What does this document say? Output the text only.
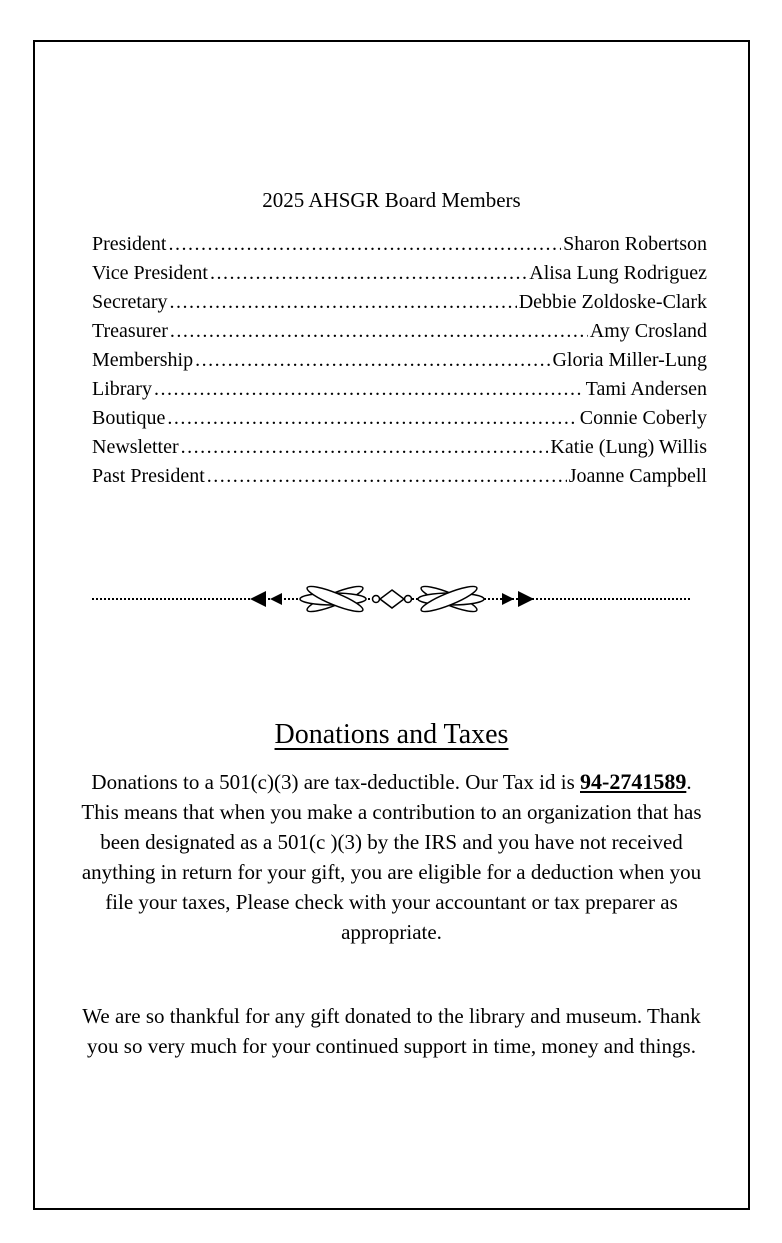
2025 AHSGR Board Members
President .....	Sharon Robertson
Vice President .....	Alisa Lung Rodriguez
Secretary .....	Debbie Zoldoske-Clark
Treasurer .....	Amy Crosland
Membership .....	Gloria Miller-Lung
Library .....	Tami Andersen
Boutique .....	Connie Coberly
Newsletter .....	Katie (Lung) Willis
Past President .....	Joanne Campbell
Donations and Taxes

Donations to a 501(c)(3) are tax-deductible. Our Tax id is 94-2741589. This means that when you make a contribution to an organization that has been designated as a 501(c )(3) by the IRS and you have not received anything in return for your gift, you are eligible for a deduction when you file your taxes, Please check with your accountant or tax preparer as appropriate.

We are so thankful for any gift donated to the library and museum. Thank you so very much for your continued support in time, money and things.
